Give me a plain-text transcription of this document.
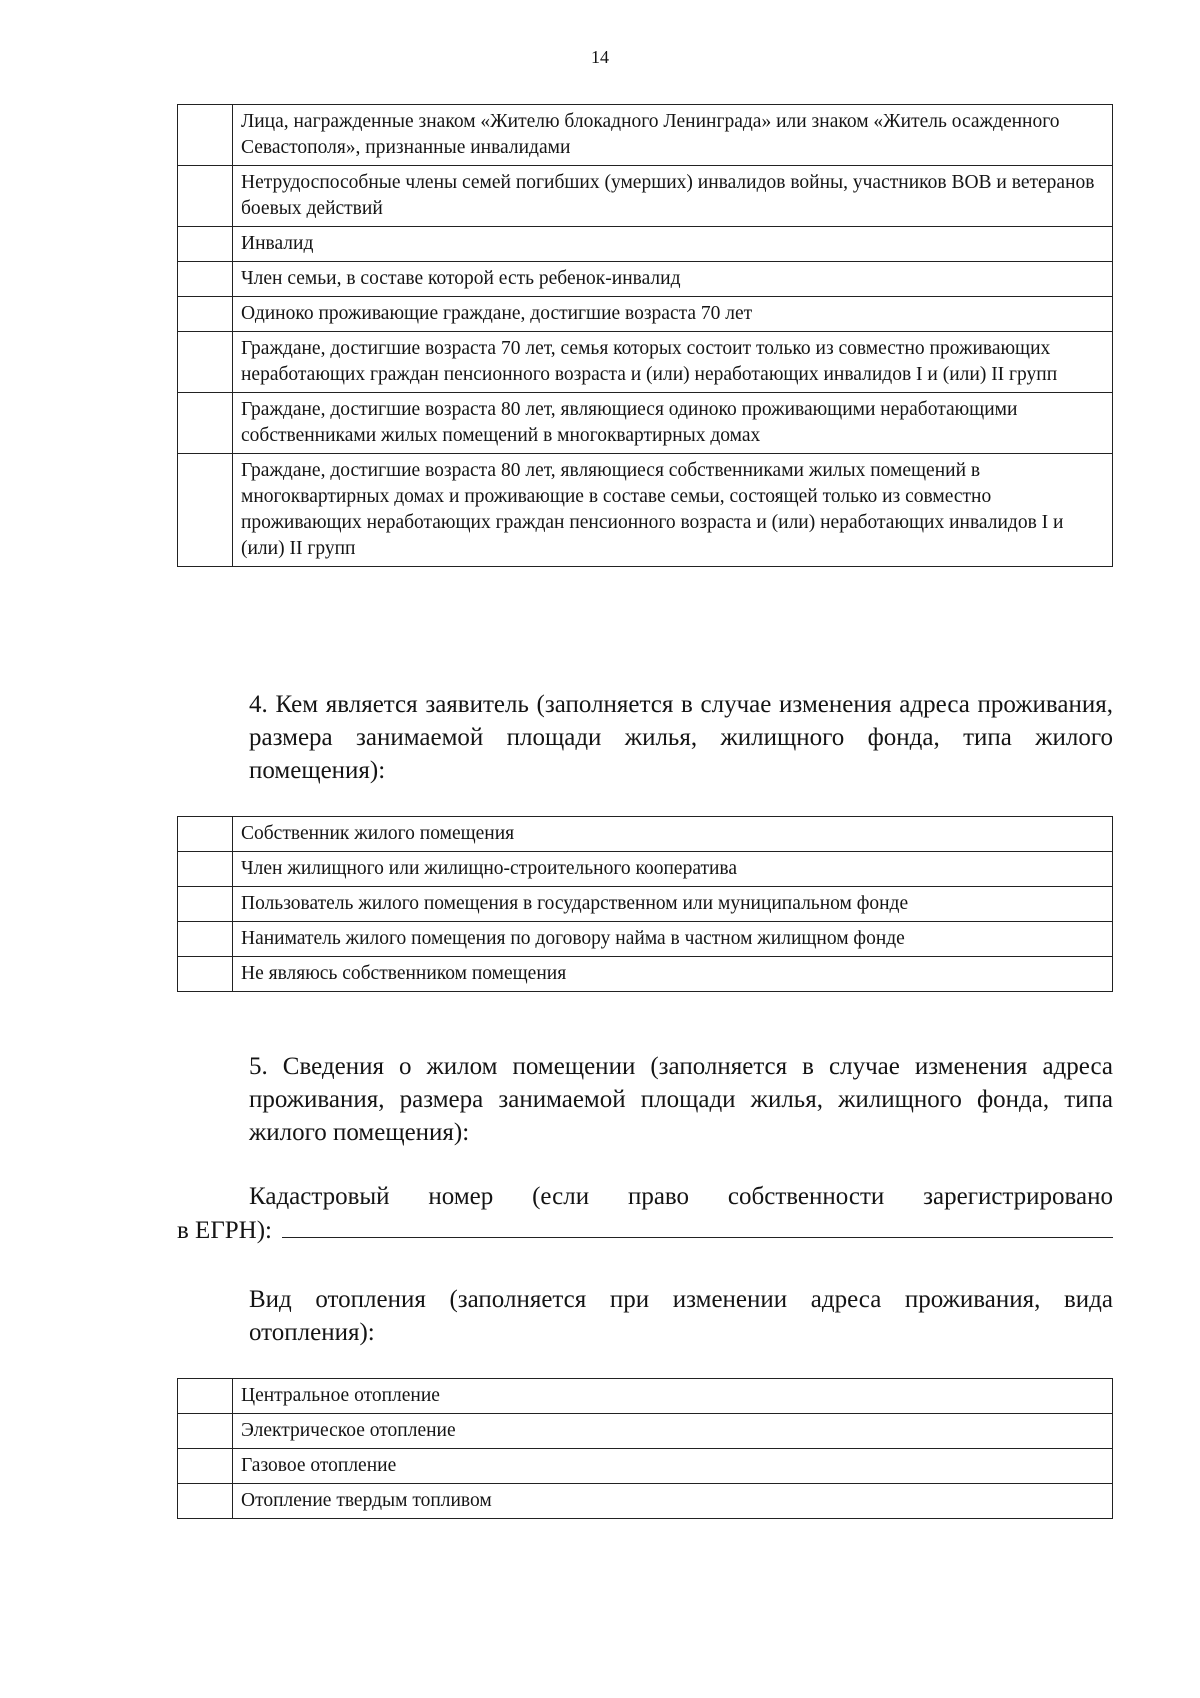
14
	Лица, награжденные знаком «Жителю блокадного Ленинграда» или знаком «Житель осажденного Севастополя», признанные инвалидами
	Нетрудоспособные члены семей погибших (умерших) инвалидов войны, участников ВОВ и ветеранов боевых действий
	Инвалид
	Член семьи, в составе которой есть ребенок-инвалид
	Одиноко проживающие граждане, достигшие возраста 70 лет
	Граждане, достигшие возраста 70 лет, семья которых состоит только из совместно проживающих неработающих граждан пенсионного возраста и (или) неработающих инвалидов I и (или) II групп
	Граждане, достигшие возраста 80 лет, являющиеся одиноко проживающими неработающими собственниками жилых помещений в многоквартирных домах
	Граждане, достигшие возраста 80 лет, являющиеся собственниками жилых помещений в многоквартирных домах и проживающие в составе семьи, состоящей только из совместно проживающих неработающих граждан пенсионного возраста и (или) неработающих инвалидов I и (или) II групп
4. Кем является заявитель (заполняется в случае изменения адреса проживания, размера занимаемой площади жилья, жилищного фонда, типа жилого помещения):
	Собственник жилого помещения
	Член жилищного или жилищно-строительного кооператива
	Пользователь жилого помещения в государственном или муниципальном фонде
	Наниматель жилого помещения по договору найма в частном жилищном фонде
	Не являюсь собственником помещения
5. Сведения о жилом помещении (заполняется в случае изменения адреса проживания, размера занимаемой площади жилья, жилищного фонда, типа жилого помещения):
Кадастровый номер (если право собственности зарегистрировано
в ЕГРН):
Вид отопления (заполняется при изменении адреса проживания, вида отопления):
	Центральное отопление
	Электрическое отопление
	Газовое отопление
	Отопление твердым топливом
